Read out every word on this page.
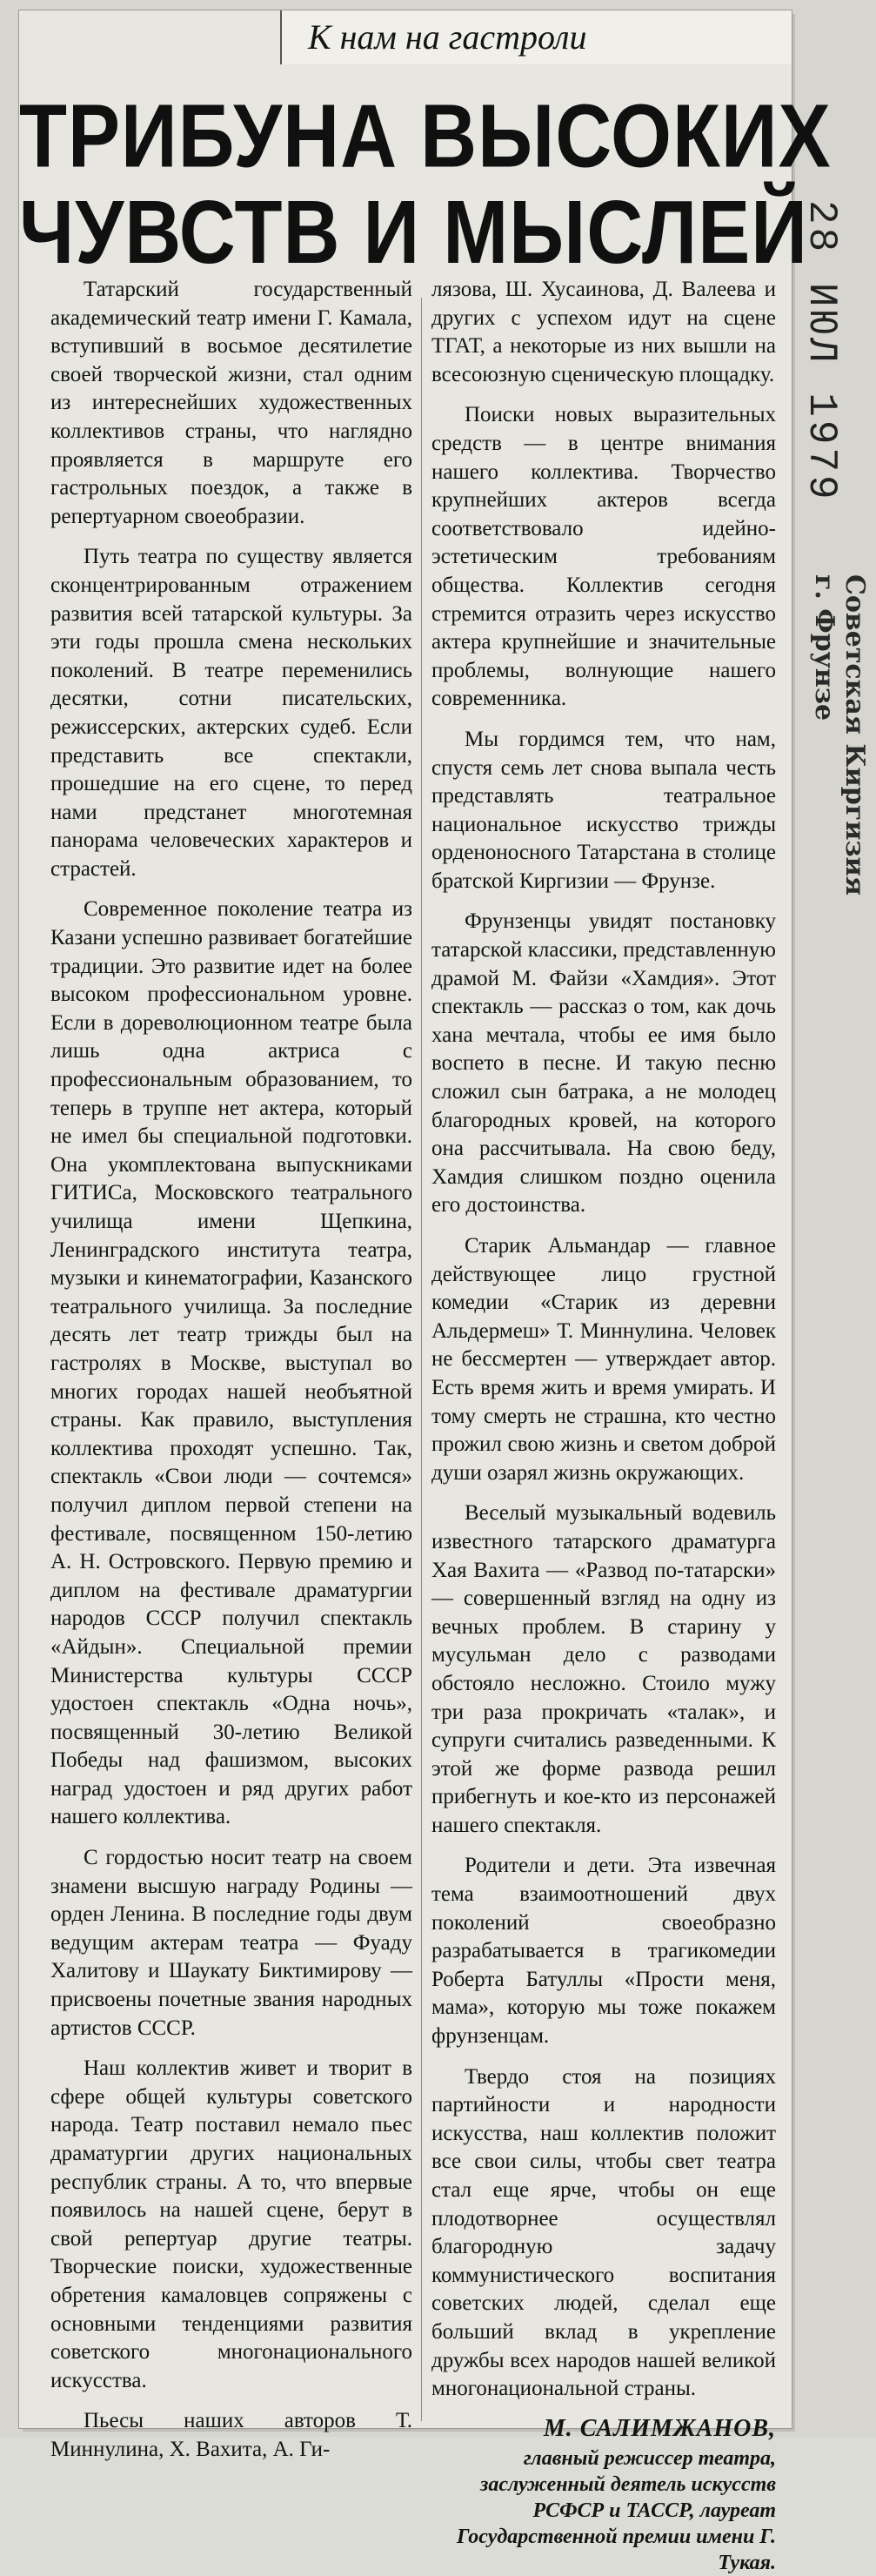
К нам на гастроли
ТРИБУНА ВЫСОКИХ
ЧУВСТВ И МЫСЛЕЙ

Татарский государственный академический театр имени Г. Камала, вступивший в восьмое десятилетие своей творческой жизни, стал одним из интереснейших художественных коллективов страны, что наглядно проявляется в маршруте его гастрольных поездок, а также в репертуарном своеобразии.

Путь театра по существу является сконцентрированным отражением развития всей татарской культуры. За эти годы прошла смена нескольких поколений. В театре переменились десятки, сотни писательских, режиссерских, актерских судеб. Если представить все спектакли, прошедшие на его сцене, то перед нами предстанет многотемная панорама человеческих характеров и страстей.

Современное поколение театра из Казани успешно развивает богатейшие традиции. Это развитие идет на более высоком профессиональном уровне. Если в дореволюционном театре была лишь одна актриса с профессиональным образованием, то теперь в труппе нет актера, который не имел бы специальной подготовки. Она укомплектована выпускниками ГИТИСа, Московского театрального училища имени Щепкина, Ленинградского института театра, музыки и кинематографии, Казанского театрального училища. За последние десять лет театр трижды был на гастролях в Москве, выступал во многих городах нашей необъятной страны. Как правило, выступления коллектива проходят успешно. Так, спектакль «Свои люди — сочтемся» получил диплом первой степени на фестивале, посвященном 150-летию А. Н. Островского. Первую премию и диплом на фестивале драматургии народов СССР получил спектакль «Айдын». Специальной премии Министерства культуры СССР удостоен спектакль «Одна ночь», посвященный 30-летию Великой Победы над фашизмом, высоких наград удостоен и ряд других работ нашего коллектива.

С гордостью носит театр на своем знамени высшую награду Родины — орден Ленина. В последние годы двум ведущим актерам театра — Фуаду Халитову и Шаукату Биктимирову — присвоены почетные звания народных артистов СССР.

Наш коллектив живет и творит в сфере общей культуры советского народа. Театр поставил немало пьес драматургии других национальных республик страны. А то, что впервые появилось на нашей сцене, берут в свой репертуар другие театры. Творческие поиски, художественные обретения камаловцев сопряжены с основными тенденциями развития советского многонационального искусства.

Пьесы наших авторов Т. Миннулина, Х. Вахита, А. Ги-

лязова, Ш. Хусаинова, Д. Валеева и других с успехом идут на сцене ТГАТ, а некоторые из них вышли на всесоюзную сценическую площадку.

Поиски новых выразительных средств — в центре внимания нашего коллектива. Творчество крупнейших актеров всегда соответствовало идейно-эстетическим требованиям общества. Коллектив сегодня стремится отразить через искусство актера крупнейшие и значительные проблемы, волнующие нашего современника.

Мы гордимся тем, что нам, спустя семь лет снова выпала честь представлять театральное национальное искусство трижды орденоносного Татарстана в столице братской Киргизии — Фрунзе.

Фрунзенцы увидят постановку татарской классики, представленную драмой М. Файзи «Хамдия». Этот спектакль — рассказ о том, как дочь хана мечтала, чтобы ее имя было воспето в песне. И такую песню сложил сын батрака, а не молодец благородных кровей, на которого она рассчитывала. На свою беду, Хамдия слишком поздно оценила его достоинства.

Старик Альмандар — главное действующее лицо грустной комедии «Старик из деревни Альдермеш» Т. Миннулина. Человек не бессмертен — утверждает автор. Есть время жить и время умирать. И тому смерть не страшна, кто честно прожил свою жизнь и светом доброй души озарял жизнь окружающих.

Веселый музыкальный водевиль известного татарского драматурга Хая Вахита — «Развод по-татарски» — совершенный взгляд на одну из вечных проблем. В старину у мусульман дело с разводами обстояло несложно. Стоило мужу три раза прокричать «талак», и супруги считались разведенными. К этой же форме развода решил прибегнуть и кое-кто из персонажей нашего спектакля.

Родители и дети. Эта извечная тема взаимоотношений двух поколений своеобразно разрабатывается в трагикомедии Роберта Батуллы «Прости меня, мама», которую мы тоже покажем фрунзенцам.

Твердо стоя на позициях партийности и народности искусства, наш коллектив положит все свои силы, чтобы свет театра стал еще ярче, чтобы он еще плодотворнее осуществлял благородную задачу коммунистического воспитания советских людей, сделал еще больший вклад в укрепление дружбы всех народов нашей великой многонациональной страны.

М. САЛИМЖАНОВ,
главный режиссер театра, заслуженный деятель искусств РСФСР и ТАССР, лауреат Государственной премии имени Г. Тукая.
28 ИЮЛ 1979
Советская Киргизия
г. Фрунзе
